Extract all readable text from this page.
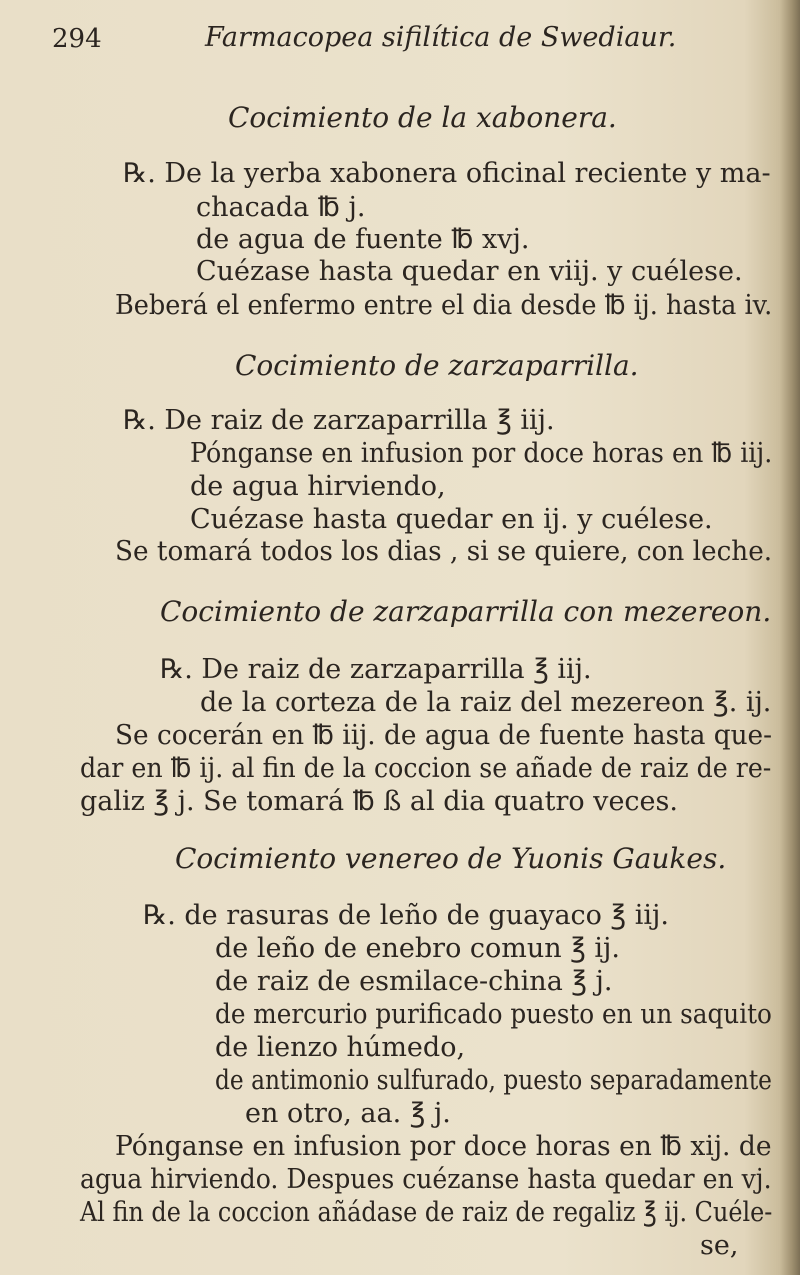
294	Farmacopea sifilítica de Swediaur.
Cocimiento de la xabonera.
℞. De la yerba xabonera oficinal reciente y ma-
chacada ℔ j.
de agua de fuente ℔ xvj.
Cuézase hasta quedar en viij. y cuélese.
Beberá el enfermo entre el dia desde ℔ ij. hasta iv.
Cocimiento de zarzaparrilla.
℞. De raiz de zarzaparrilla ℥ iij.
Pónganse en infusion por doce horas en ℔ iij.
de agua hirviendo,
Cuézase hasta quedar en ij. y cuélese.
Se tomará todos los dias , si se quiere, con leche.
Cocimiento de zarzaparrilla con mezereon.
℞. De raiz de zarzaparrilla ℥ iij.
de la corteza de la raiz del mezereon ℥. ij.
Se cocerán en ℔ iij. de agua de fuente hasta que-
dar en ℔ ij. al fin de la coccion se añade de raiz de re-
galiz ℥ j. Se tomará ℔ ß al dia quatro veces.
Cocimiento venereo de Yuonis Gaukes.
℞. de rasuras de leño de guayaco ℥ iij.
de leño de enebro comun ℥ ij.
de raiz de esmilace-china ℥ j.
de mercurio purificado puesto en un saquito
de lienzo húmedo,
de antimonio sulfurado, puesto separadamente
en otro, aa. ℥ j.
Pónganse en infusion por doce horas en ℔ xij. de
agua hirviendo. Despues cuézanse hasta quedar en vj.
Al fin de la coccion añádase de raiz de regaliz ℥ ij. Cuéle-
se,
